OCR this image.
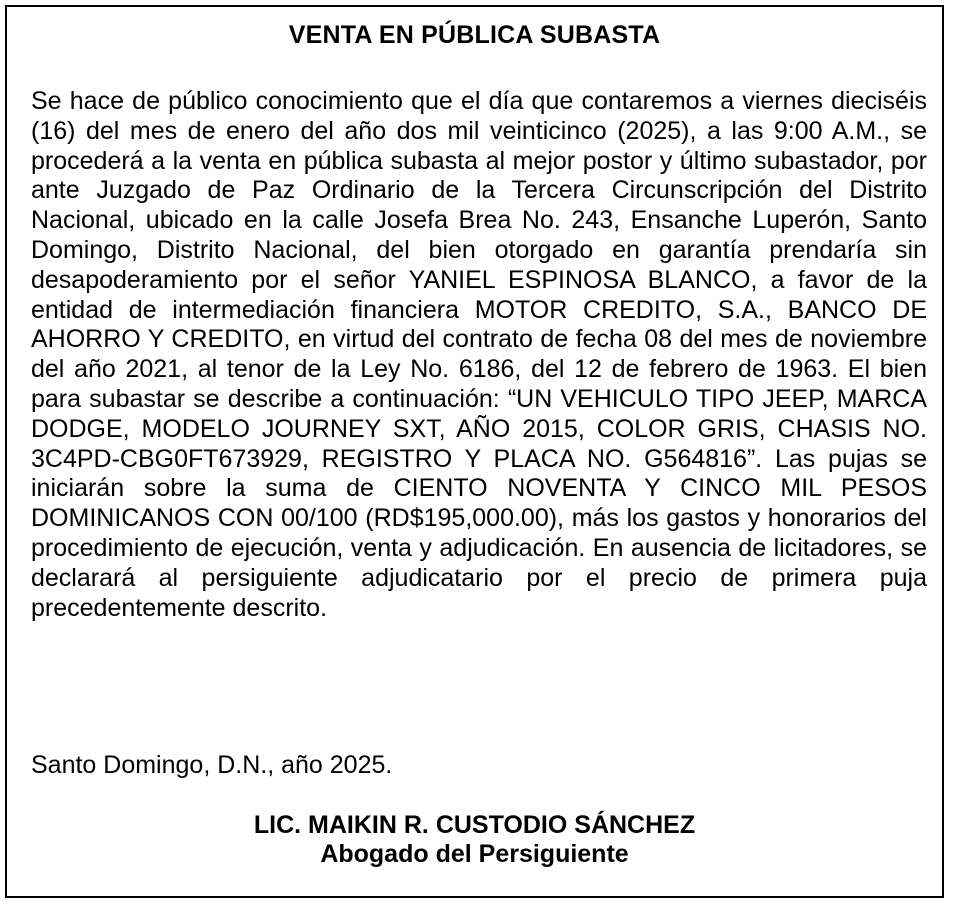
VENTA EN PÚBLICA SUBASTA

Se hace de público conocimiento que el día que contaremos a viernes dieciséis (16) del mes de enero del año dos mil veinticinco (2025), a las 9:00 A.M., se procederá a la venta en pública subasta al mejor postor y último subastador, por ante Juzgado de Paz Ordinario de la Tercera Circunscripción del Distrito Nacional, ubicado en la calle Josefa Brea No. 243, Ensanche Luperón, Santo Domingo, Distrito Nacional, del bien otorgado en garantía prendaría sin desapoderamiento por el señor YANIEL ESPINOSA BLANCO, a favor de la entidad de intermediación financiera MOTOR CREDITO, S.A., BANCO DE AHORRO Y CREDITO, en virtud del contrato de fecha 08 del mes de noviembre del año 2021, al tenor de la Ley No. 6186, del 12 de febrero de 1963. El bien para subastar se describe a continuación: “UN VEHICULO TIPO JEEP, MARCA DODGE, MODELO JOURNEY SXT, AÑO 2015, COLOR GRIS, CHASIS NO. 3C4PD-CBG0FT673929, REGISTRO Y PLACA NO. G564816”. Las pujas se iniciarán sobre la suma de CIENTO NOVENTA Y CINCO MIL PESOS DOMINICANOS CON 00/100 (RD$195,000.00), más los gastos y honorarios del procedimiento de ejecución, venta y adjudicación. En ausencia de licitadores, se declarará al persiguiente adjudicatario por el precio de primera puja precedentemente descrito.

Santo Domingo, D.N., año 2025.

LIC. MAIKIN R. CUSTODIO SÁNCHEZ
Abogado del Persiguiente
